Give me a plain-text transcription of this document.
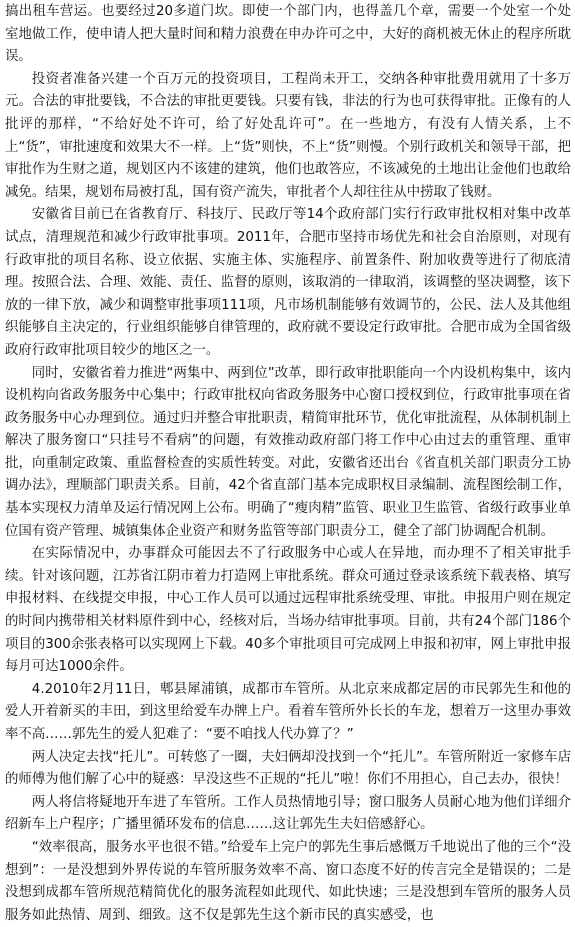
搞出租车营运。也要经过20多道门坎。即使一个部门内，也得盖几个章，需要一个处室一个处室地做工作，使申请人把大量时间和精力浪费在申办许可之中，大好的商机被无休止的程序所耽误。

投资者准备兴建一个百万元的投资项目，工程尚未开工，交纳各种审批费用就用了十多万元。合法的审批要钱，不合法的审批更要钱。只要有钱，非法的行为也可获得审批。正像有的人批评的那样，“不给好处不许可，给了好处乱许可”。在一些地方，有没有人情关系，上不上“货”，审批速度和效果大不一样。上“货”则快，不上“货”则慢。个别行政机关和领导干部，把审批作为生财之道，规划区内不该建的建筑，他们也敢答应，不该减免的土地出让金他们也敢给减免。结果，规划布局被打乱，国有资产流失，审批者个人却往往从中捞取了钱财。

安徽省目前已在省教育厅、科技厅、民政厅等14个政府部门实行行政审批权相对集中改革试点，清理规范和减少行政审批事项。2011年，合肥市坚持市场优先和社会自治原则，对现有行政审批的项目名称、设立依据、实施主体、实施程序、前置条件、附加收费等进行了彻底清理。按照合法、合理、效能、责任、监督的原则，该取消的一律取消，该调整的坚决调整，该下放的一律下放，减少和调整审批事项111项，凡市场机制能够有效调节的，公民、法人及其他组织能够自主决定的，行业组织能够自律管理的，政府就不要设定行政审批。合肥市成为全国省级政府行政审批项目较少的地区之一。

同时，安徽省着力推进“两集中、两到位”改革，即行政审批职能向一个内设机构集中，该内设机构向省政务服务中心集中；行政审批权向省政务服务中心窗口授权到位，行政审批事项在省政务服务中心办理到位。通过归并整合审批职责，精简审批环节，优化审批流程，从体制机制上解决了服务窗口“只挂号不看病”的问题，有效推动政府部门将工作中心由过去的重管理、重审批，向重制定政策、重监督检查的实质性转变。对此，安徽省还出台《省直机关部门职责分工协调办法》，理顺部门职责关系。目前，42个省直部门基本完成职权目录编制、流程图绘制工作，基本实现权力清单及运行情况网上公布。明确了“瘦肉精”监管、职业卫生监管、省级行政事业单位国有资产管理、城镇集体企业资产和财务监管等部门职责分工，健全了部门协调配合机制。

在实际情况中，办事群众可能因去不了行政服务中心或人在异地，而办理不了相关审批手续。针对该问题，江苏省江阴市着力打造网上审批系统。群众可通过登录该系统下载表格、填写申报材料、在线提交申报，中心工作人员可以通过远程审批系统受理、审批。申报用户则在规定的时间内携带相关材料原件到中心，经核对后，当场办结审批事项。目前，共有24个部门186个项目的300余张表格可以实现网上下载。40多个审批项目可完成网上申报和初审，网上审批申报每月可达1000余件。

4.2010年2月11日，郫县犀浦镇，成都市车管所。从北京来成都定居的市民郭先生和他的爱人开着新买的丰田，到这里给爱车办牌上户。看着车管所外长长的车龙，想着万一这里办事效率不高……郭先生的爱人犯难了：“要不咱找人代办算了？”

两人决定去找“托儿”。可转悠了一圈，夫妇俩却没找到一个“托儿”。车管所附近一家修车店的师傅为他们解了心中的疑惑：早没这些不正规的“托儿”啦！你们不用担心，自己去办，很快！

两人将信将疑地开车进了车管所。工作人员热情地引导；窗口服务人员耐心地为他们详细介绍新车上户程序；广播里循环发布的信息……这让郭先生夫妇倍感舒心。

“效率很高，服务水平也很不错。”给爱车上完户的郭先生事后感慨万千地说出了他的三个“没想到”：一是没想到外界传说的车管所服务效率不高、窗口态度不好的传言完全是错误的；二是没想到成都车管所规范精简优化的服务流程如此现代、如此快速；三是没想到车管所的服务人员服务如此热情、周到、细致。这不仅是郭先生这个新市民的真实感受，也
